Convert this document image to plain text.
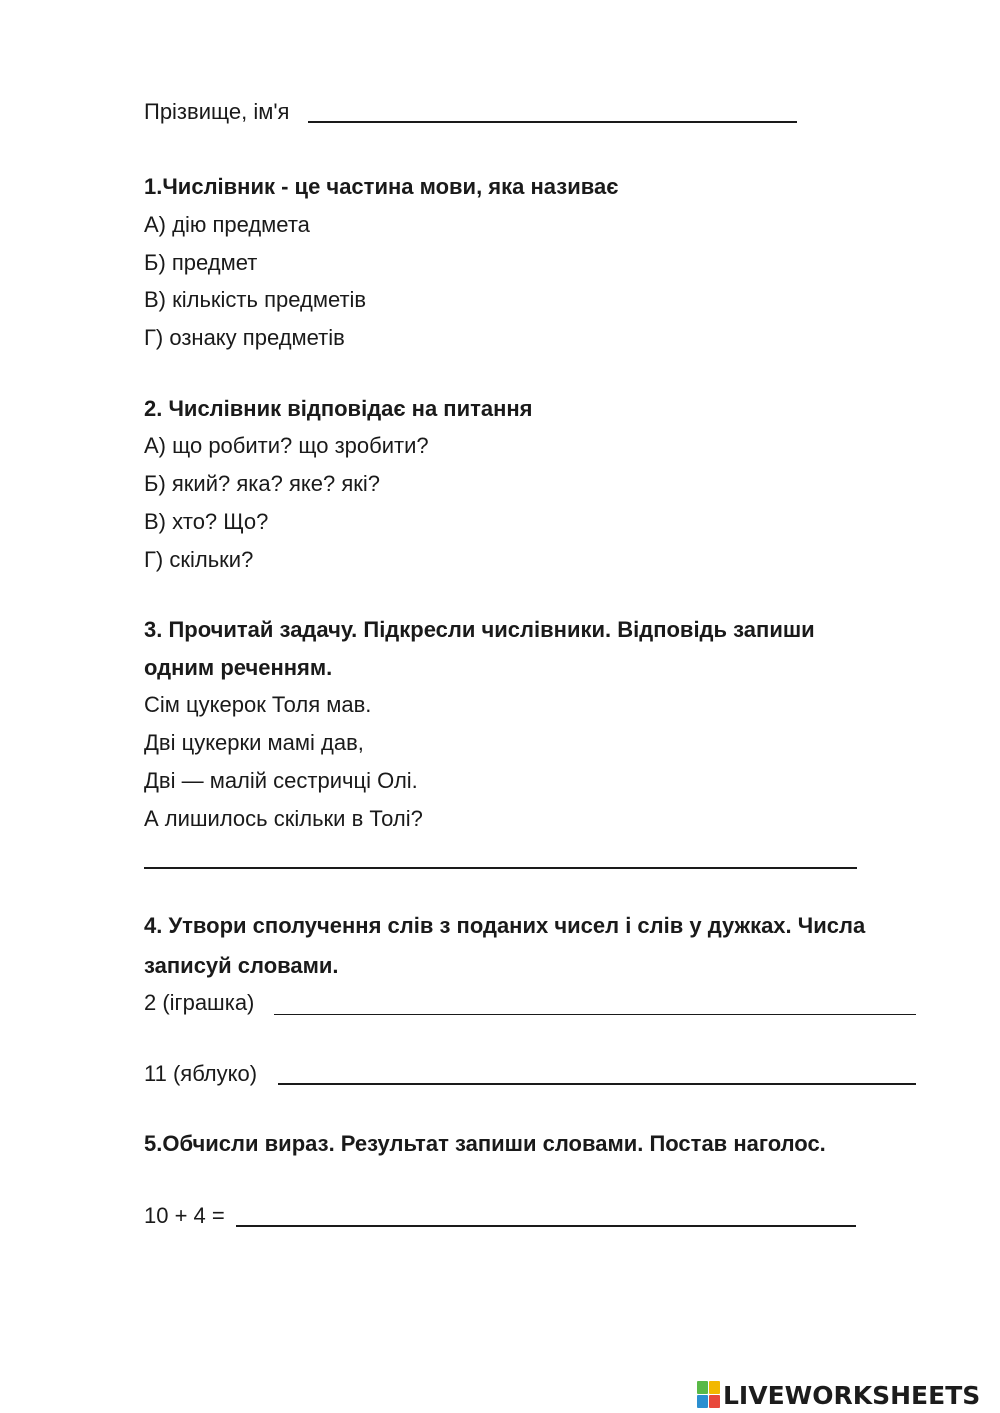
Прізвище, ім'я
1.Числівник - це частина мови, яка називає
А) дію предмета
Б) предмет
В) кількість предметів
Г) ознаку предметів
2. Числівник відповідає на питання
А) що робити? що зробити?
Б) який? яка? яке? які?
В) хто? Що?
Г) скільки?
3. Прочитай задачу. Підкресли числівники. Відповідь запиши
одним реченням.
Сім цукерок Толя мав.
Дві цукерки мамі дав,
Дві — малій сестричці Олі.
А лишилось скільки в Толі?
4. Утвори сполучення слів з поданих чисел і слів у дужках. Числа
записуй словами.
2 (іграшка)
11 (яблуко)
5.Обчисли вираз. Результат запиши словами. Постав наголос.
10 + 4 =
LIVEWORKSHEETS
